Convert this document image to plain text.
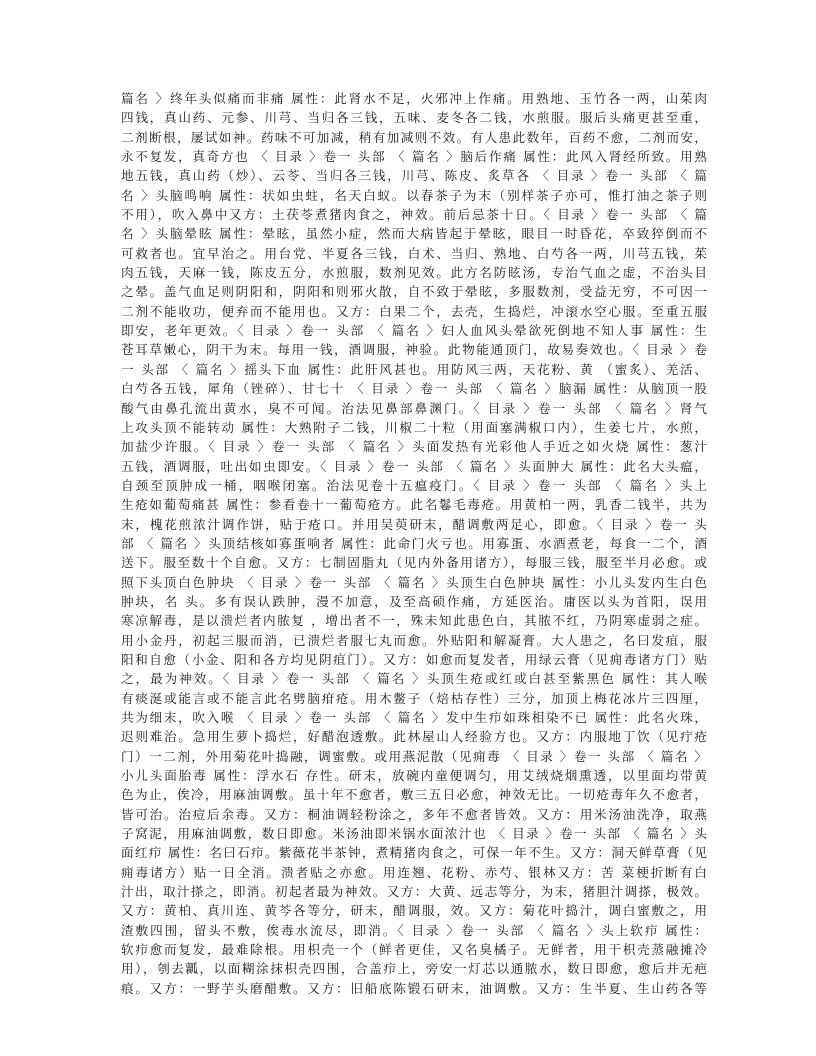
篇名 〉终年头似痛而非痛 属性：此肾水不足，火邪冲上作痛。用熟地、玉竹各一两，山茱肉
四钱，真山药、元参、川芎、当归各三钱，五味、麦冬各二钱，水煎服。服后头痛更甚至重，
二剂断根，屡试如神。药味不可加减，稍有加减则不效。有人患此数年，百药不愈，二剂而安，
永不复发，真奇方也 〈 目录 〉卷一 头部 〈 篇名 〉脑后作痛 属性：此风入肾经所致。用熟
地五钱，真山药（炒）、云苓、当归各三钱，川芎、陈皮、炙草各 〈 目录 〉卷一 头部 〈 篇
名 〉头脑鸣响 属性：状如虫蛀，名天白蚁。以春茶子为末（别样茶子亦可，惟打油之茶子则
不用），吹入鼻中又方：土茯苓煮猪肉食之，神效。前后忌茶十日。〈 目录 〉卷一 头部 〈 篇
名 〉头脑晕眩 属性：晕眩，虽然小症，然而大病皆起于晕眩，眼目一时昏花，卒致猝倒而不
可救者也。宜早治之。用台党、半夏各三钱，白术、当归、熟地、白芍各一两，川芎五钱，茱
肉五钱，天麻一钱，陈皮五分，水煎服，数剂见效。此方名防眩汤，专治气血之虚，不治头目
之晕。盖气血足则阴阳和，阴阳和则邪火散，自不致于晕眩，多服数剂，受益无穷，不可因一
二剂不能收功，便弃而不能用也。又方：白果二个，去壳，生捣烂，冲滚水空心服。至重五服
即安，老年更效。〈 目录 〉卷一 头部 〈 篇名 〉妇人血风头晕欲死倒地不知人事 属性：生
苍耳草嫩心，阴干为末。每用一钱，酒调服，神验。此物能通顶门，故易奏效也。〈 目录 〉卷
一 头部 〈 篇名 〉摇头下血 属性：此肝风甚也。用防风三两，天花粉、黄 （蜜炙）、羌活、
白芍各五钱，犀角（锉碎）、甘七十 〈 目录 〉卷一 头部 〈 篇名 〉脑漏 属性：从脑顶一股
酸气由鼻孔流出黄水，臭不可闻。治法见鼻部鼻渊门。〈 目录 〉卷一 头部 〈 篇名 〉肾气
上攻头顶不能转动 属性：大熟附子二钱，川椒二十粒（用面塞满椒口内），生姜七片，水煎，
加盐少许服。〈 目录 〉卷一 头部 〈 篇名 〉头面发热有光彩他人手近之如火烧 属性：葱汁
五钱，酒调服，吐出如虫即安。〈 目录 〉卷一 头部 〈 篇名 〉头面肿大 属性：此名大头瘟，
自颈至顶肿成一桶，咽喉闭塞。治法见卷十五瘟疫门。〈 目录 〉卷一 头部 〈 篇名 〉头上
生疮如葡萄痛甚 属性：参看卷十一葡萄疮方。此名鬈毛毒疮。用黄柏一两，乳香二钱半，共为
末，槐花煎浓汁调作饼，贴于疮口。并用吴萸研末，醋调敷两足心，即愈。〈 目录 〉卷一 头
部 〈 篇名 〉头顶结核如寡蛋响者 属性：此命门火亏也。用寡蛋、水酒煮老，每食一二个，酒
送下。服至数十个自愈。又方：七制固脂丸（见内外备用诸方），每服三钱，服至半月必愈。或
照下头顶白色肿块 〈 目录 〉卷一 头部 〈 篇名 〉头顶生白色肿块 属性：小儿头发内生白色
肿块，名 头。多有误认跌肿，漫不加意，及至高硕作痛，方延医治。庸医以头为首阳，误用
寒凉解毒，是以溃烂者内脓复 ，增出者不一，殊未知此患色白，其脓不红，乃阴寒虚弱之症。
用小金丹，初起三服而消，已溃烂者服七丸而愈。外贴阳和解凝膏。大人患之，名曰发疽，服
阳和自愈（小金、阳和各方均见阴疽门）。又方：如愈而复发者，用绿云膏（见痈毒诸方门）贴
之，最为神效。〈 目录 〉卷一 头部 〈 篇名 〉头顶生疮或红或白甚至紫黑色 属性：其人喉
有痰涎或能言或不能言此名劈脑疳疮。用木鳖子（焙枯存性）三分，加顶上梅花冰片三四厘，
共为细末，吹入喉 〈 目录 〉卷一 头部 〈 篇名 〉发中生疖如珠相染不已 属性：此名火珠，
迟则难治。急用生萝卜捣烂，好醋泡透敷。此林屋山人经验方也。又方：内服地丁饮（见疔疮
门）一二剂，外用菊花叶捣融，调蜜敷。或用燕泥散（见痈毒 〈 目录 〉卷一 头部 〈 篇名 〉
小儿头面胎毒 属性：浮水石 存性。研末，放碗内童便调匀，用艾绒烧烟熏透，以里面均带黄
色为止，俟冷，用麻油调敷。虽十年不愈者，敷三五日必愈，神效无比。一切疮毒年久不愈者，
皆可治。治痘后余毒。又方：桐油调轻粉涂之，多年不愈者皆效。又方：用米汤油洗净，取燕
子窝泥，用麻油调敷，数日即愈。米汤油即米锅水面浓汁也 〈 目录 〉卷一 头部 〈 篇名 〉头
面红疖 属性：名曰石疖。紫薇花半茶钟，煮精猪肉食之，可保一年不生。又方：洞天鲜草膏（见
痈毒诸方）贴一日全消。溃者贴之亦愈。用连翘、花粉、赤芍、银林又方：苦 菜梗折断有白
汁出，取汁搽之，即消。初起者最为神效。又方：大黄、远志等分，为末，猪胆汁调搽，极效。
又方：黄柏、真川连、黄芩各等分，研末，醋调服，效。又方：菊花叶捣汁，调白蜜敷之，用
渣敷四围，留头不敷，俟毒水流尽，即消。〈 目录 〉卷一 头部 〈 篇名 〉头上软疖 属性：
软疖愈而复发，最难除根。用枳壳一个（鲜者更佳，又名臭橘子。无鲜者，用干枳壳蒸融摊冷
用），刳去瓤，以面糊涂抹枳壳四围，合盖疖上，旁安一灯芯以通脓水，数日即愈，愈后并无疤
痕。又方：一野芋头磨醋敷。又方：旧船底陈锻石研末，油调敷。又方：生半夏、生山药各等
